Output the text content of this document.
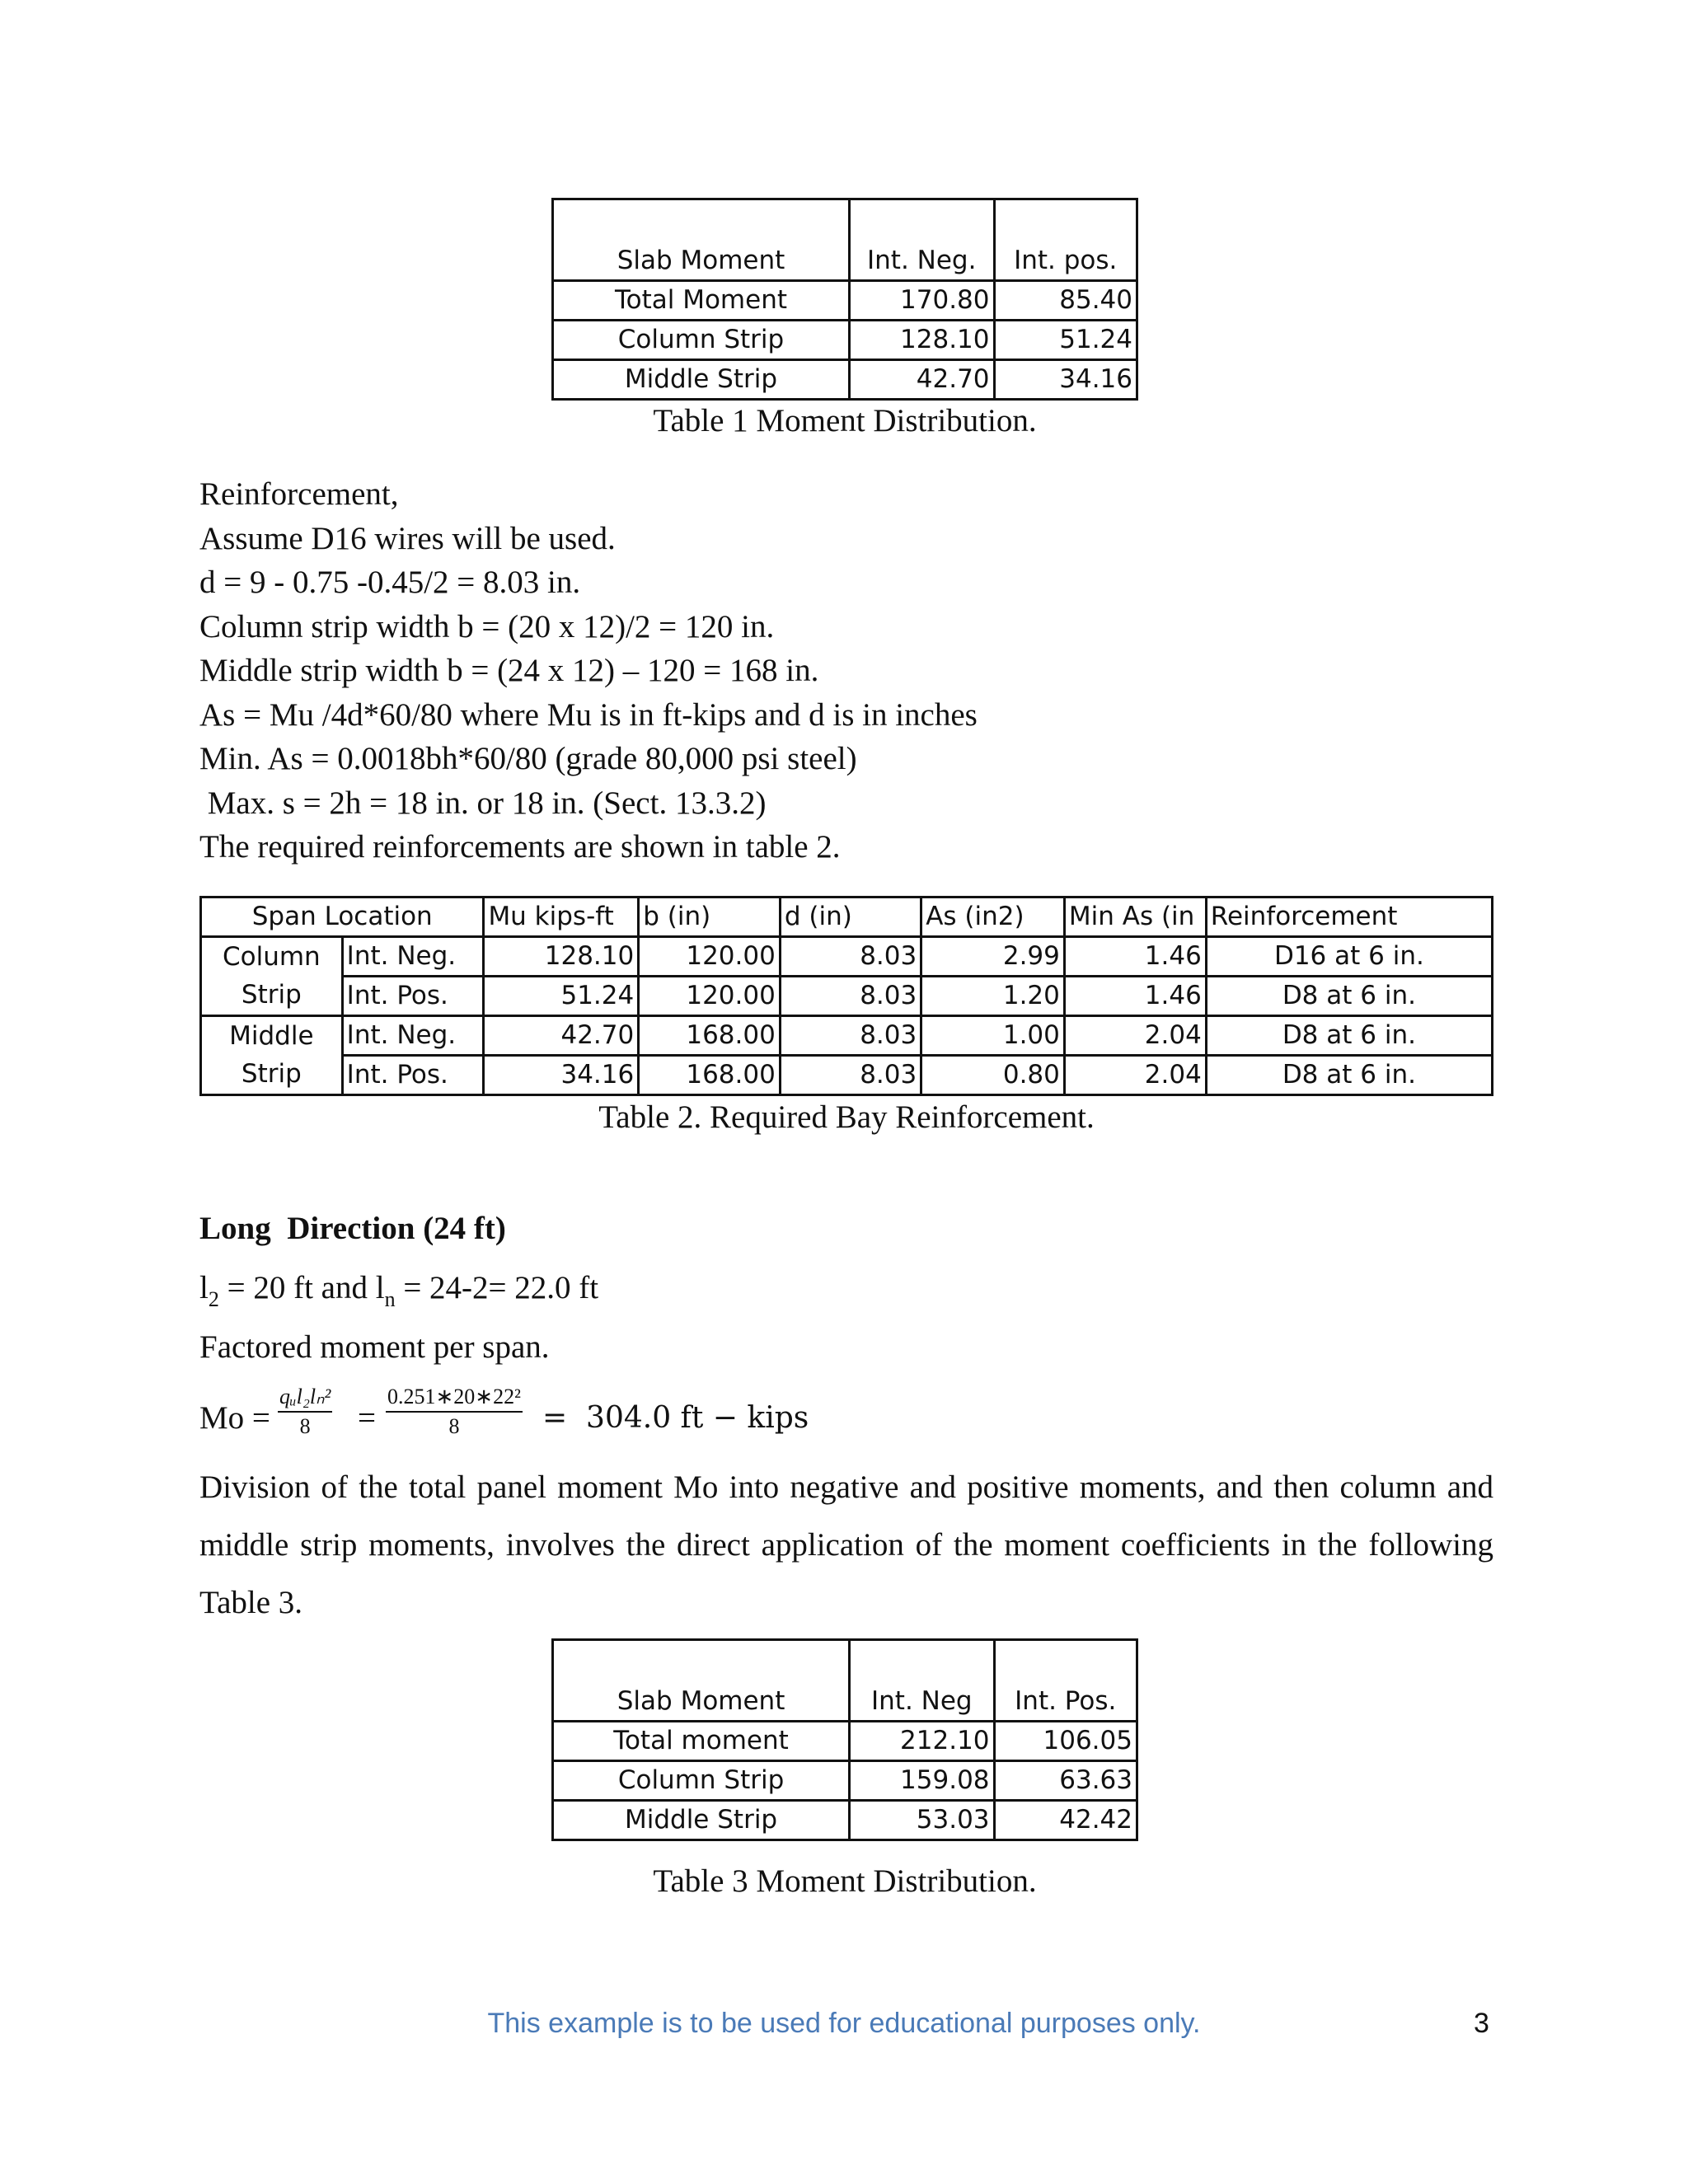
Slab Moment	Int. Neg.	Int. pos.
Total Moment	170.80	85.40
Column Strip	128.10	51.24
Middle Strip	42.70	34.16
Table 1 Moment Distribution.
Reinforcement,
Assume D16 wires will be used.
d = 9 - 0.75 -0.45/2 = 8.03 in.
Column strip width b = (20 x 12)/2 = 120 in.
Middle strip width b = (24 x 12) – 120 = 168 in.
As = Mu /4d*60/80 where Mu is in ft-kips and d is in inches
Min. As = 0.0018bh*60/80 (grade 80,000 psi steel)
Max. s = 2h = 18 in. or 18 in. (Sect. 13.3.2)
The required reinforcements are shown in table 2.
Span Location		Mu kips-ft	b (in)	d (in)	As (in2)	Min As (in	Reinforcement
Column	Int. Neg.	128.10	120.00	8.03	2.99	1.46	D16 at 6 in.
Strip	Int. Pos.	51.24	120.00	8.03	1.20	1.46	D8 at 6 in.
Middle	Int. Neg.	42.70	168.00	8.03	1.00	2.04	D8 at 6 in.
Strip	Int. Pos.	34.16	168.00	8.03	0.80	2.04	D8 at 6 in.
Table 2. Required Bay Reinforcement.
Long  Direction (24 ft)
$l_2 = 20$ ft and $l_n = 24-2= 22.0$ ft
Factored moment per span.
Mo =
qᵤl₂lₙ²
8	= $\frac{\text{0.251∗20∗22²}}{8} = 304.0$ ft − kips
Division of the total panel moment Mo into negative and positive moments, and then column and middle strip moments, involves the direct application of the moment coefficients in the following Table 3.
Slab Moment	Int. Neg	Int. Pos.
Total moment	212.10	106.05
Column Strip	159.08	63.63
Middle Strip	53.03	42.42
Table 3 Moment Distribution.
This example is to be used for educational purposes only.	3
